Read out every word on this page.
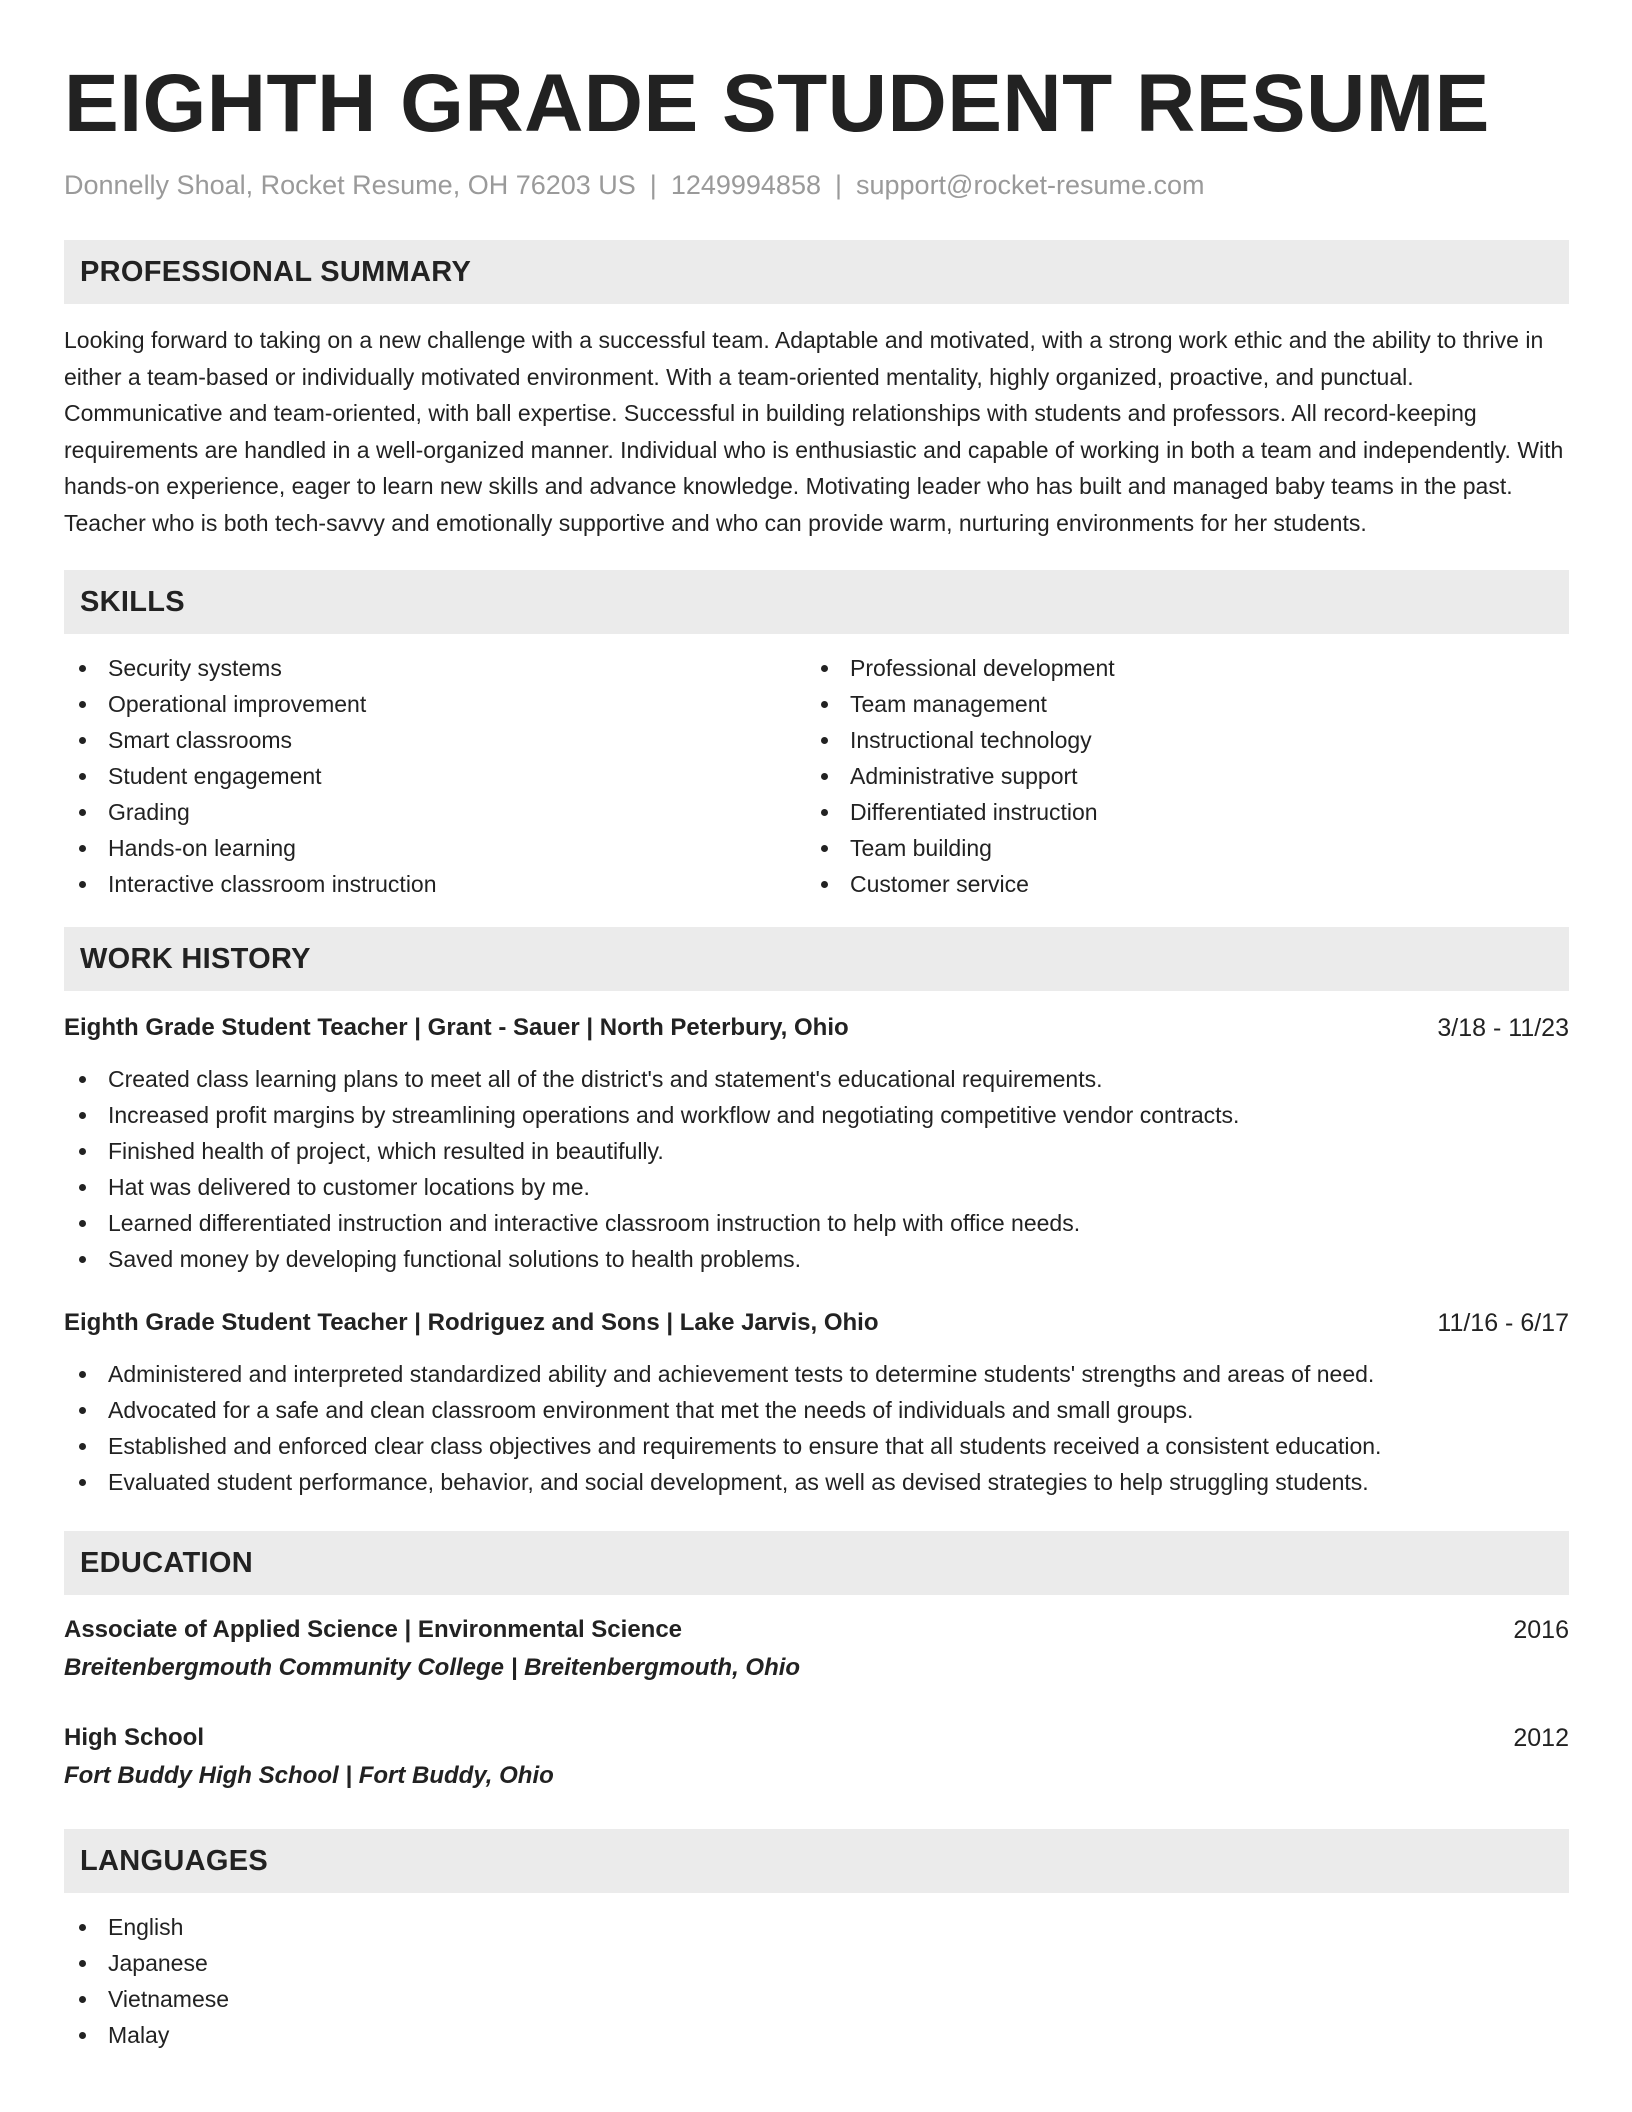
EIGHTH GRADE STUDENT RESUME
Donnelly Shoal, Rocket Resume, OH 76203 US | 1249994858 | support@rocket-resume.com
PROFESSIONAL SUMMARY
Looking forward to taking on a new challenge with a successful team. Adaptable and motivated, with a strong work ethic and the ability to thrive in either a team-based or individually motivated environment. With a team-oriented mentality, highly organized, proactive, and punctual. Communicative and team-oriented, with ball expertise. Successful in building relationships with students and professors. All record-keeping requirements are handled in a well-organized manner. Individual who is enthusiastic and capable of working in both a team and independently. With hands-on experience, eager to learn new skills and advance knowledge. Motivating leader who has built and managed baby teams in the past. Teacher who is both tech-savvy and emotionally supportive and who can provide warm, nurturing environments for her students.
SKILLS
Security systems
Operational improvement
Smart classrooms
Student engagement
Grading
Hands-on learning
Interactive classroom instruction
Professional development
Team management
Instructional technology
Administrative support
Differentiated instruction
Team building
Customer service
WORK HISTORY
Eighth Grade Student Teacher | Grant - Sauer | North Peterbury, Ohio	3/18 - 11/23
Created class learning plans to meet all of the district's and statement's educational requirements.
Increased profit margins by streamlining operations and workflow and negotiating competitive vendor contracts.
Finished health of project, which resulted in beautifully.
Hat was delivered to customer locations by me.
Learned differentiated instruction and interactive classroom instruction to help with office needs.
Saved money by developing functional solutions to health problems.
Eighth Grade Student Teacher | Rodriguez and Sons | Lake Jarvis, Ohio	11/16 - 6/17
Administered and interpreted standardized ability and achievement tests to determine students' strengths and areas of need.
Advocated for a safe and clean classroom environment that met the needs of individuals and small groups.
Established and enforced clear class objectives and requirements to ensure that all students received a consistent education.
Evaluated student performance, behavior, and social development, as well as devised strategies to help struggling students.
EDUCATION
Associate of Applied Science | Environmental Science	2016
Breitenbergmouth Community College | Breitenbergmouth, Ohio
High School	2012
Fort Buddy High School | Fort Buddy, Ohio
LANGUAGES
English
Japanese
Vietnamese
Malay
